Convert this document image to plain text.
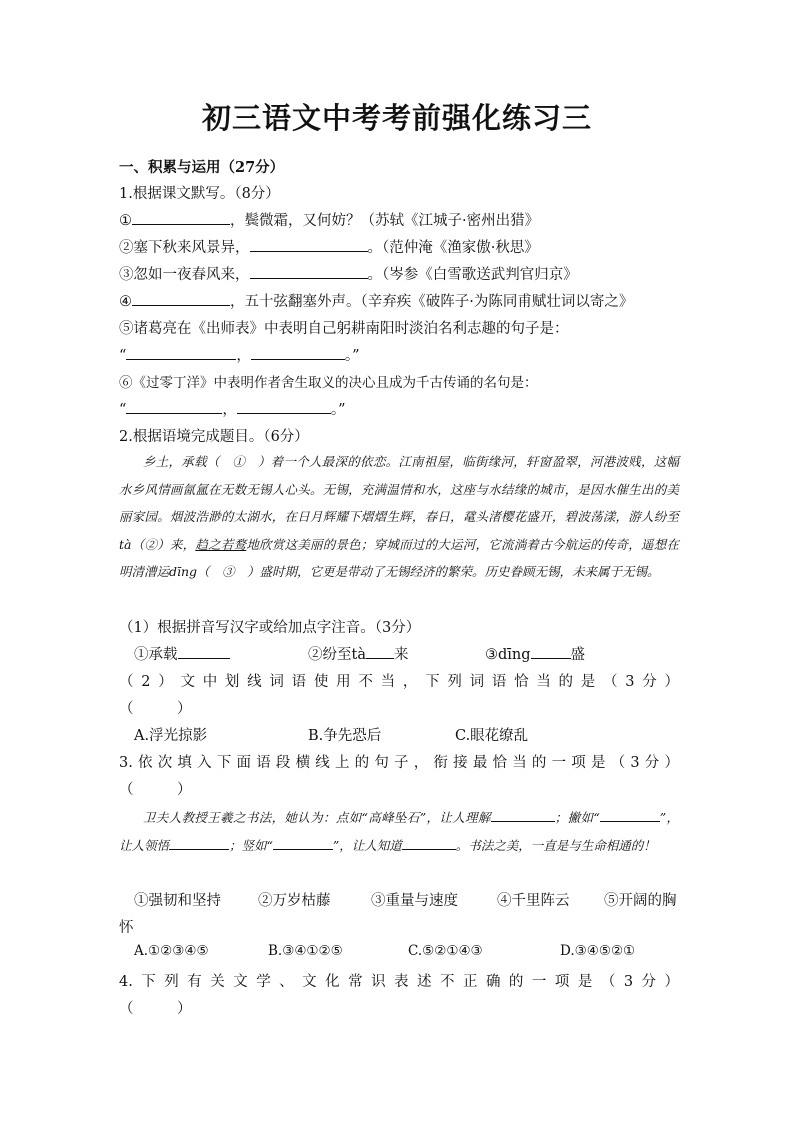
初三语文中考考前强化练习三
一、积累与运用（27分）
1.根据课文默写。（8分）
①	，鬓微霜，又何妨？（苏轼《江城子·密州出猎》
②塞下秋来风景异，	。（范仲淹《渔家傲·秋思》
③忽如一夜春风来，	。（岑参《白雪歌送武判官归京》
④	，五十弦翻塞外声。（辛弃疾《破阵子·为陈同甫赋壮词以寄之》
⑤诸葛亮在《出师表》中表明自己躬耕南阳时淡泊名利志趣的句子是：
“	，	。”
⑥《过零丁洋》中表明作者舍生取义的决心且成为千古传诵的名句是：
“	，	。”
2.根据语境完成题目。（6分）
乡土，承载（　①　）着一个人最深的依恋。江南祖屋，临街缘河，轩窗盈翠，河港波贱，这幅水乡风情画氤氲在无数无锡人心头。无锡，充满温情和水，这座与水结缘的城市，是因水催生出的美丽家园。烟波浩渺的太湖水，在日月辉耀下熠熠生辉，春日，鼋头渚樱花盛开，碧波荡漾，游人纷至tà（②）来，趋之若鹜地欣赏这美丽的景色；穿城而过的大运河，它流淌着古今航运的传奇，遥想在明清漕运dīng（　③　）盛时期，它更是带动了无锡经济的繁荣。历史眷顾无锡，未来属于无锡。
（1）根据拼音写汉字或给加点字注音。（3分）
①承载	②纷至tà 来	③dīng	盛
（2）文中划线词语使用不当，下列词语恰当的是（3分）
（　　　）
A.浮光掠影	B.争先恐后	C.眼花缭乱
3.依次填入下面语段横线上的句子，衔接最恰当的一项是（3分）
（　　　）
卫夫人教授王羲之书法，她认为：点如“高峰坠石”，让人理解	；撇如“	”，让人领悟	；竖如“	”，让人知道	。书法之美，一直是与生命相通的！
①强韧和坚持	②万岁枯藤	③重量与速度	④千里阵云 ⑤开阔的胸
怀
A.①②③④⑤	B.③④①②⑤	C.⑤②①④③	D.③④⑤②①
4.下列有关文学、文化常识表述不正确的一项是（3分）
（　　　）
